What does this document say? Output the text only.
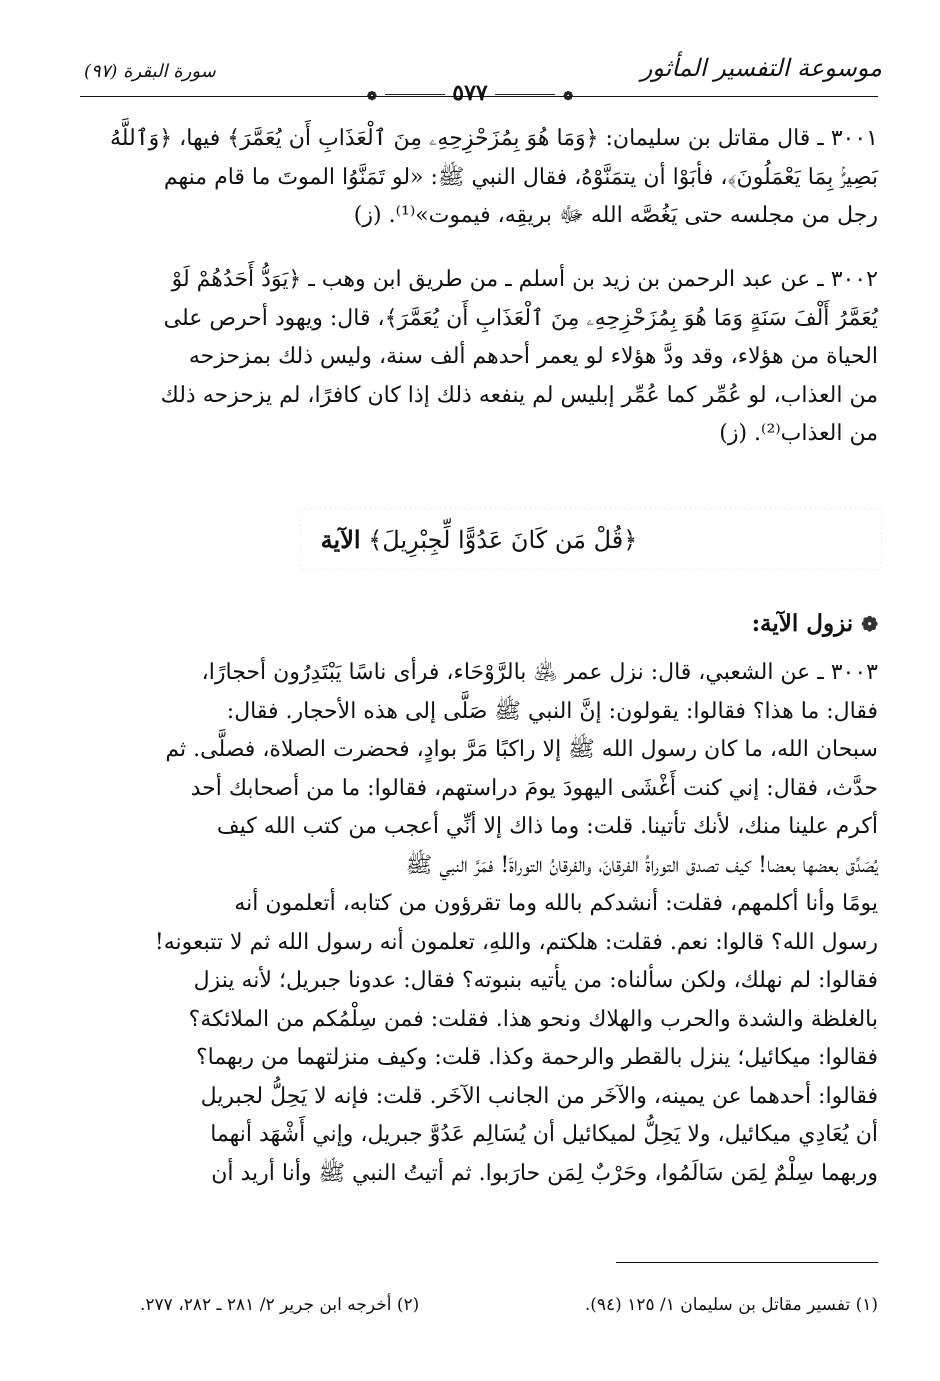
موسوعة التفسير المأثور
سورة البقرة (٩٧)
❁  ٥٧٧  ❁
٣٠٠١ ـ قال مقاتل بن سليمان: ﴿وَمَا هُوَ بِمُزَحْزِحِهِۦ مِنَ ٱلْعَذَابِ أَن يُعَمَّرَ﴾ فيها، ﴿وَٱللَّهُ
بَصِيرٌۢ بِمَا يَعْمَلُونَ﴾، فأبَوْا أن يتمَنَّوْهُ، فقال النبي ﷺ: «لو تَمَنَّوُا الموتَ ما قام منهم
رجل من مجلسه حتى يَغُصَّه الله ﷻ بريقِه، فيموت»⁽¹⁾. (ز)
٣٠٠٢ ـ عن عبد الرحمن بن زيد بن أسلم ـ من طريق ابن وهب ـ ﴿يَوَدُّ أَحَدُهُمْ لَوْ
يُعَمَّرُ أَلْفَ سَنَةٍ وَمَا هُوَ بِمُزَحْزِحِهِۦ مِنَ ٱلْعَذَابِ أَن يُعَمَّرَ﴾، قال: ويهود أحرص على
الحياة من هؤلاء، وقد ودَّ هؤلاء لو يعمر أحدهم ألف سنة، وليس ذلك بمزحزحه
من العذاب، لو عُمِّر كما عُمِّر إبليس لم ينفعه ذلك إذا كان كافرًا، لم يزحزحه ذلك
من العذاب⁽²⁾. (ز)
﴿قُلْ مَن كَانَ عَدُوًّا لِّجِبْرِيلَ﴾ الآية
❁ نزول الآية:
٣٠٠٣ ـ عن الشعبي، قال: نزل عمر ﵁ بالرَّوْحَاء، فرأى ناسًا يَبْتَدِرُون أحجارًا،
فقال: ما هذا؟ فقالوا: يقولون: إنَّ النبي ﷺ صَلَّى إلى هذه الأحجار. فقال:
سبحان الله، ما كان رسول الله ﷺ إلا راكبًا مَرَّ بوادٍ، فحضرت الصلاة، فصلَّى. ثم
حدَّث، فقال: إني كنت أَغْشَى اليهودَ يومَ دراستهم، فقالوا: ما من أصحابك أحد
أكرم علينا منك، لأنك تأتينا. قلت: وما ذاك إلا أنِّي أعجب من كتب الله كيف
يُصَدِّق بعضها بعضا! كيف تصدق التوراةُ الفرقانَ، والفرقانُ التوراةَ! فمَرَّ النبي ﷺ
يومًا وأنا أكلمهم، فقلت: أنشدكم بالله وما تقرؤون من كتابه، أتعلمون أنه
رسول الله؟ قالوا: نعم. فقلت: هلكتم، واللهِ، تعلمون أنه رسول الله ثم لا تتبعونه!
فقالوا: لم نهلك، ولكن سألناه: من يأتيه بنبوته؟ فقال: عدونا جبريل؛ لأنه ينزل
بالغلظة والشدة والحرب والهلاك ونحو هذا. فقلت: فمن سِلْمُكم من الملائكة؟
فقالوا: ميكائيل؛ ينزل بالقطر والرحمة وكذا. قلت: وكيف منزلتهما من ربهما؟
فقالوا: أحدهما عن يمينه، والآخَر من الجانب الآخَر. قلت: فإنه لا يَحِلُّ لجبريل
أن يُعَادِي ميكائيل، ولا يَحِلُّ لميكائيل أن يُسَالِم عَدُوَّ جبريل، وإني أَشْهَد أنهما
وربهما سِلْمٌ لِمَن سَالَمُوا، وحَرْبٌ لِمَن حارَبوا. ثم أتيتُ النبي ﷺ وأنا أريد أن
(١) تفسير مقاتل بن سليمان ١/ ١٢٥ (٩٤).
(٢) أخرجه ابن جرير ٢/ ٢٨١ ـ ٢٨٢، ٢٧٧.
